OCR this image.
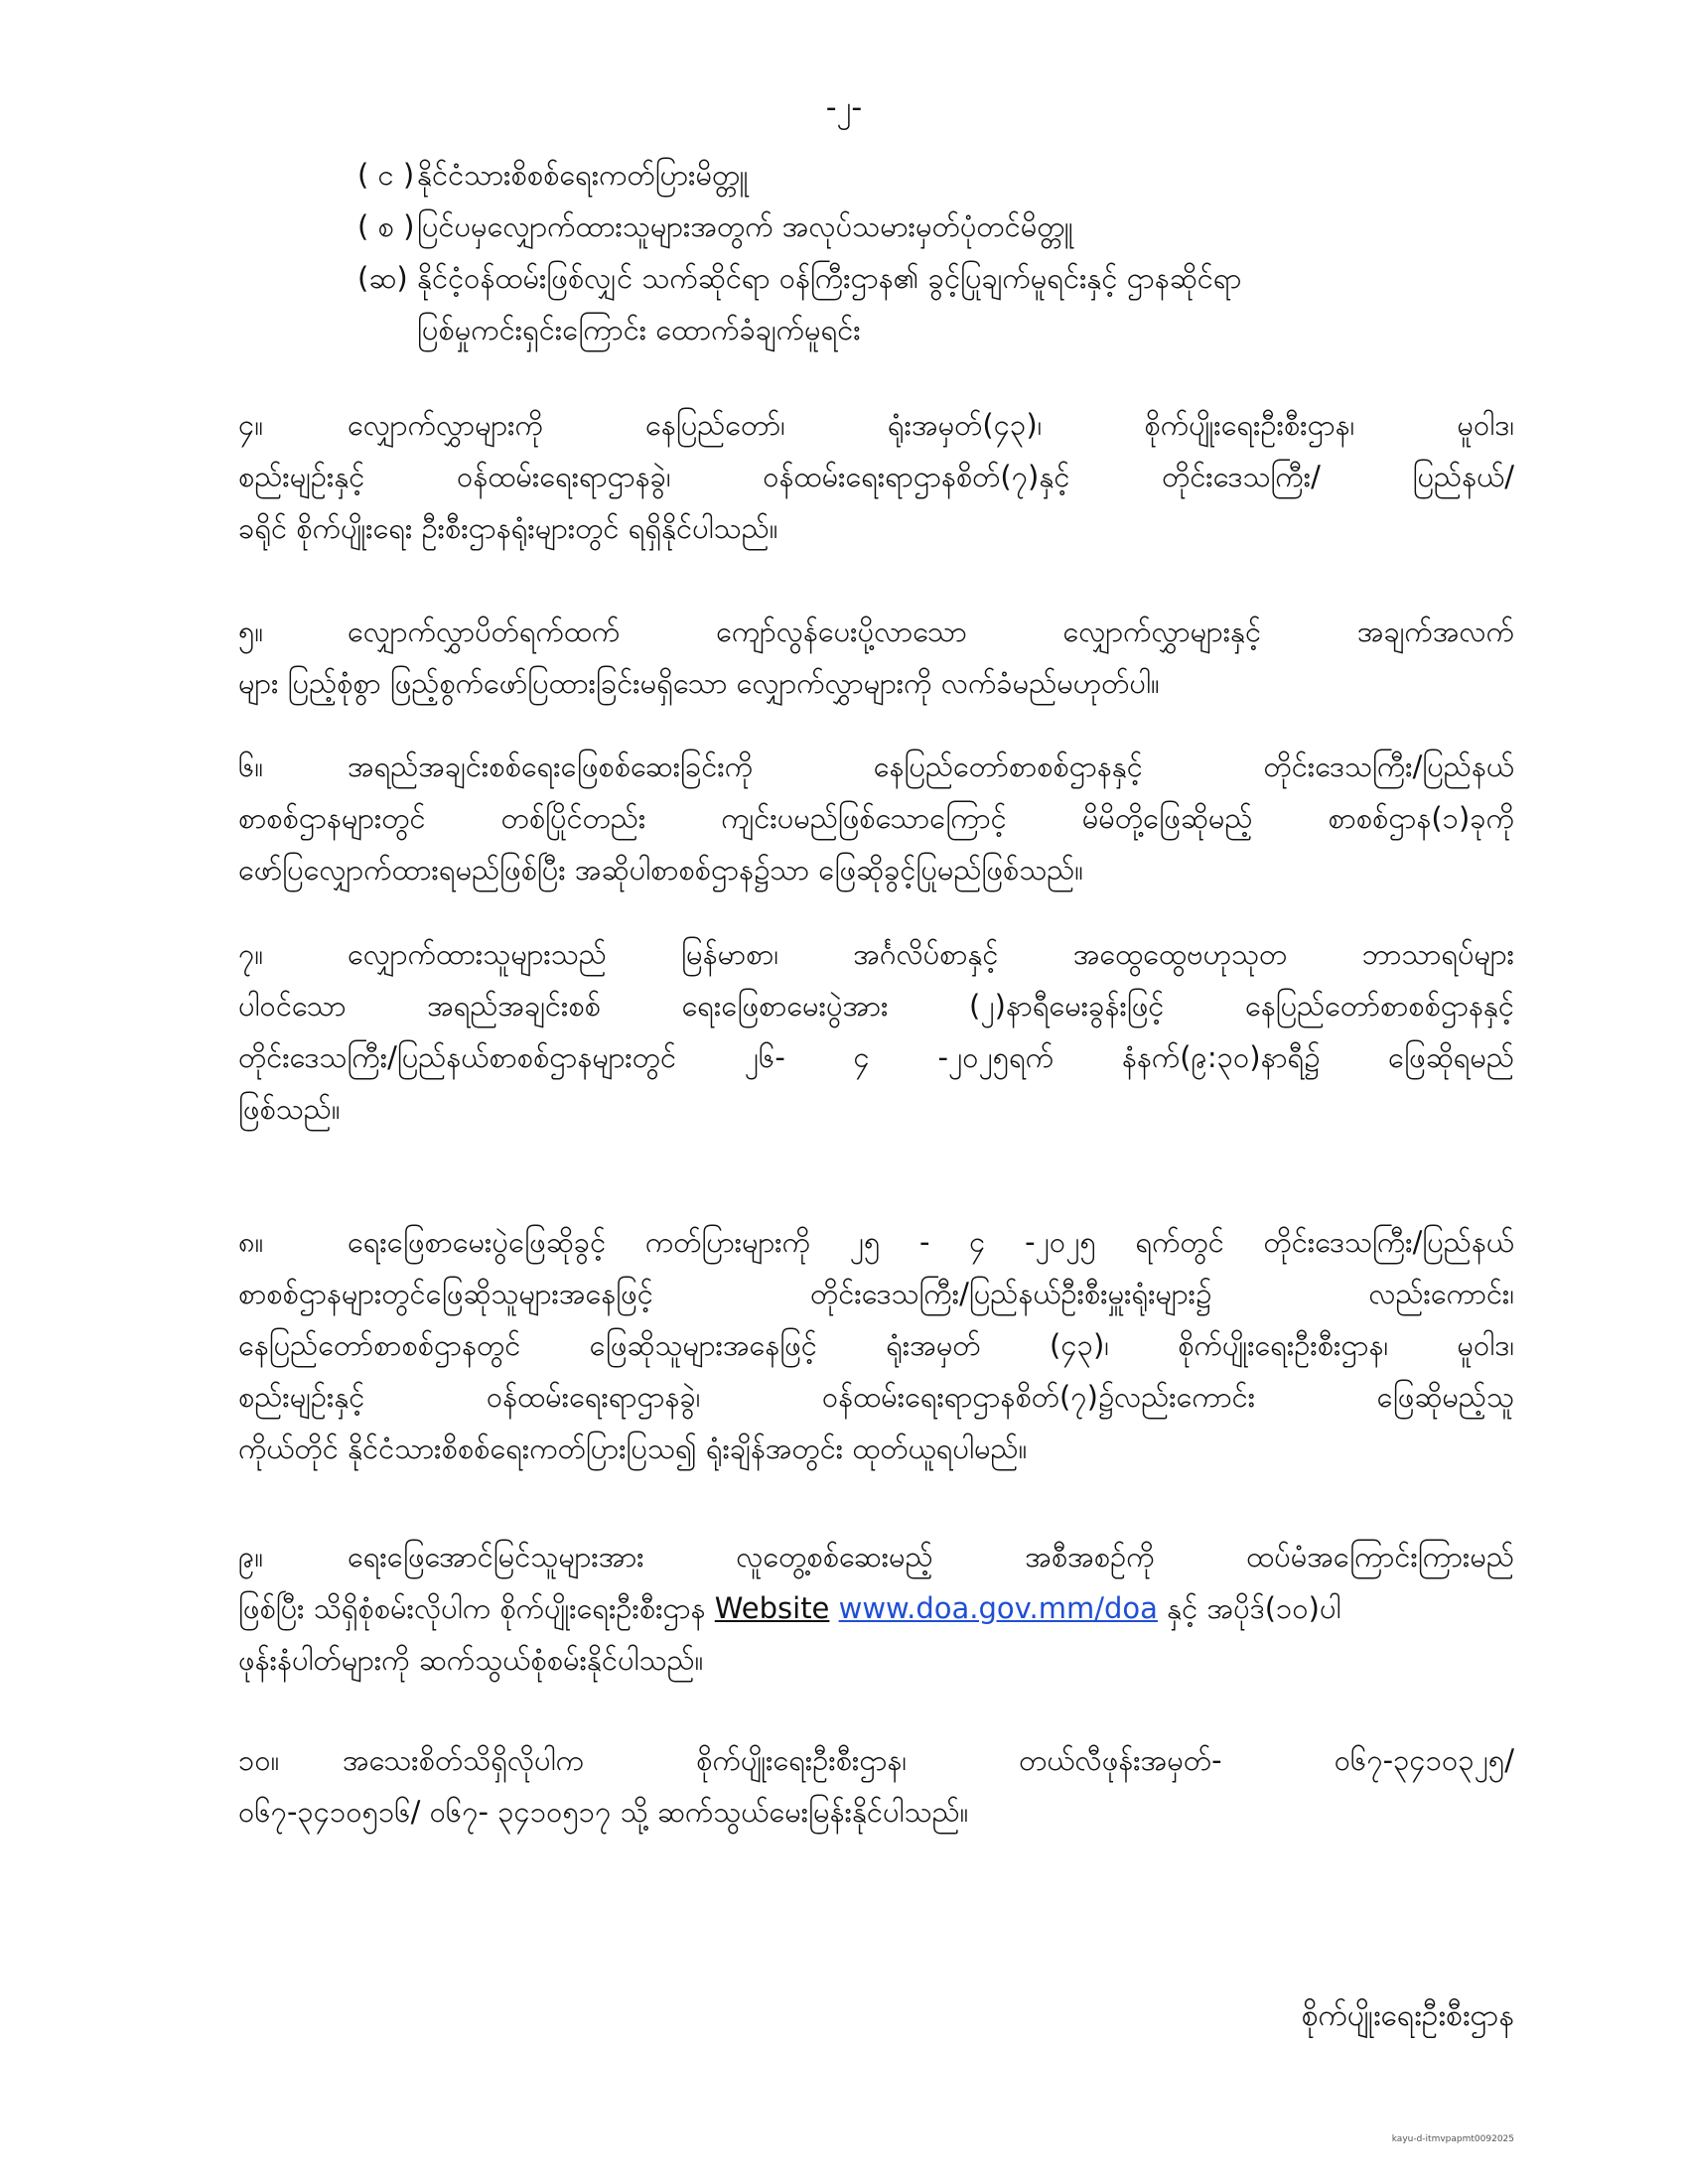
-၂-
( င ) နိုင်ငံသားစိစစ်ရေးကတ်ပြားမိတ္တူ
( စ ) ပြင်ပမှလျှောက်ထားသူများအတွက် အလုပ်သမားမှတ်ပုံတင်မိတ္တူ
(ဆ) နိုင်ငံ့ဝန်ထမ်းဖြစ်လျှင် သက်ဆိုင်ရာ ဝန်ကြီးဌာန၏ ခွင့်ပြုချက်မူရင်းနှင့် ဌာနဆိုင်ရာ
ပြစ်မှုကင်းရှင်းကြောင်း ထောက်ခံချက်မူရင်း
၄။	လျှောက်လွှာများကို နေပြည်တော်၊ ရုံးအမှတ်(၄၃)၊ စိုက်ပျိုးရေးဦးစီးဌာန၊ မူဝါဒ၊
စည်းမျဉ်းနှင့် ဝန်ထမ်းရေးရာဌာနခွဲ၊ ဝန်ထမ်းရေးရာဌာနစိတ်(၇)နှင့် တိုင်းဒေသကြီး/ ပြည်နယ်/
ခရိုင် စိုက်ပျိုးရေး ဦးစီးဌာနရုံးများတွင် ရရှိနိုင်ပါသည်။
၅။	လျှောက်လွှာပိတ်ရက်ထက် ကျော်လွန်ပေးပို့လာသော လျှောက်လွှာများနှင့် အချက်အလက်
များ ပြည့်စုံစွာ ဖြည့်စွက်ဖော်ပြထားခြင်းမရှိသော လျှောက်လွှာများကို လက်ခံမည်မဟုတ်ပါ။
၆။	အရည်အချင်းစစ်ရေးဖြေစစ်ဆေးခြင်းကို နေပြည်တော်စာစစ်ဌာနနှင့် တိုင်းဒေသကြီး/ပြည်နယ်
စာစစ်ဌာနများတွင် တစ်ပြိုင်တည်း ကျင်းပမည်ဖြစ်သောကြောင့် မိမိတို့ဖြေဆိုမည့် စာစစ်ဌာန(၁)ခုကို
ဖော်ပြလျှောက်ထားရမည်ဖြစ်ပြီး အဆိုပါစာစစ်ဌာန၌သာ ဖြေဆိုခွင့်ပြုမည်ဖြစ်သည်။
၇။	လျှောက်ထားသူများသည် မြန်မာစာ၊ အင်္ဂလိပ်စာနှင့် အထွေထွေဗဟုသုတ ဘာသာရပ်များ
ပါဝင်သော အရည်အချင်းစစ် ရေးဖြေစာမေးပွဲအား (၂)နာရီမေးခွန်းဖြင့် နေပြည်တော်စာစစ်ဌာနနှင့်
တိုင်းဒေသကြီး/ပြည်နယ်စာစစ်ဌာနများတွင် ၂၆- ၄ -၂၀၂၅ရက် နံနက်(၉:၃၀)နာရီ၌ ဖြေဆိုရမည်
ဖြစ်သည်။
၈။	ရေးဖြေစာမေးပွဲဖြေဆိုခွင့် ကတ်ပြားများကို ၂၅ - ၄ -၂၀၂၅ ရက်တွင် တိုင်းဒေသကြီး/ပြည်နယ်
စာစစ်ဌာနများတွင်ဖြေဆိုသူများအနေဖြင့် တိုင်းဒေသကြီး/ပြည်နယ်ဦးစီးမှူးရုံးများ၌ လည်းကောင်း၊
နေပြည်တော်စာစစ်ဌာနတွင် ဖြေဆိုသူများအနေဖြင့် ရုံးအမှတ် (၄၃)၊ စိုက်ပျိုးရေးဦးစီးဌာန၊ မူဝါဒ၊
စည်းမျဉ်းနှင့် ဝန်ထမ်းရေးရာဌာနခွဲ၊ ဝန်ထမ်းရေးရာဌာနစိတ်(၇)၌လည်းကောင်း ဖြေဆိုမည့်သူ
ကိုယ်တိုင် နိုင်ငံသားစိစစ်ရေးကတ်ပြားပြသ၍ ရုံးချိန်အတွင်း ထုတ်ယူရပါမည်။
၉။	ရေးဖြေအောင်မြင်သူများအား လူတွေ့စစ်ဆေးမည့် အစီအစဉ်ကို ထပ်မံအကြောင်းကြားမည်
ဖြစ်ပြီး သိရှိစုံစမ်းလိုပါက စိုက်ပျိုးရေးဦးစီးဌာန Website www.doa.gov.mm/doa နှင့် အပိုဒ်(၁၀)ပါ
ဖုန်းနံပါတ်များကို ဆက်သွယ်စုံစမ်းနိုင်ပါသည်။
၁၀။ အသေးစိတ်သိရှိလိုပါက စိုက်ပျိုးရေးဦးစီးဌာန၊ တယ်လီဖုန်းအမှတ်- ၀၆၇-၃၄၁၀၃၂၅/
၀၆၇-၃၄၁၀၅၁၆/ ၀၆၇- ၃၄၁၀၅၁၇ သို့ ဆက်သွယ်မေးမြန်းနိုင်ပါသည်။
စိုက်ပျိုးရေးဦးစီးဌာန
kayu-d-itmvpapmt0092025
